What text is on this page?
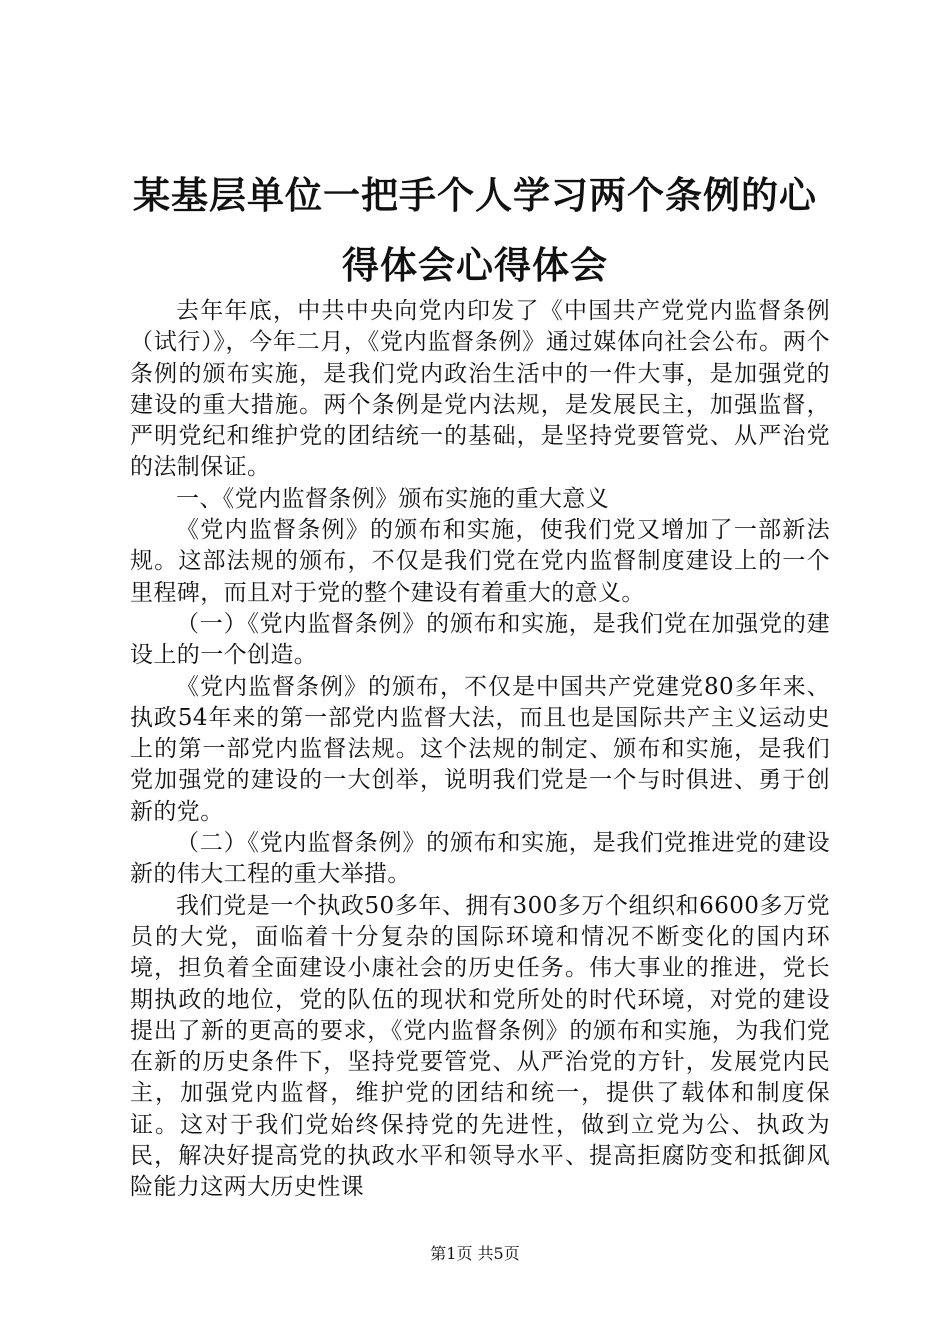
某基层单位一把手个人学习两个条例的心得体会心得体会

去年年底，中共中央向党内印发了《中国共产党党内监督条例（试行）》，今年二月，《党内监督条例》通过媒体向社会公布。两个条例的颁布实施，是我们党内政治生活中的一件大事，是加强党的建设的重大措施。两个条例是党内法规，是发展民主，加强监督，严明党纪和维护党的团结统一的基础，是坚持党要管党、从严治党的法制保证。

一、《党内监督条例》颁布实施的重大意义

《党内监督条例》的颁布和实施，使我们党又增加了一部新法规。这部法规的颁布，不仅是我们党在党内监督制度建设上的一个里程碑，而且对于党的整个建设有着重大的意义。

（一）《党内监督条例》的颁布和实施，是我们党在加强党的建设上的一个创造。

《党内监督条例》的颁布，不仅是中国共产党建党80多年来、执政54年来的第一部党内监督大法，而且也是国际共产主义运动史上的第一部党内监督法规。这个法规的制定、颁布和实施，是我们党加强党的建设的一大创举，说明我们党是一个与时俱进、勇于创新的党。

（二）《党内监督条例》的颁布和实施，是我们党推进党的建设新的伟大工程的重大举措。

我们党是一个执政50多年、拥有300多万个组织和6600多万党员的大党，面临着十分复杂的国际环境和情况不断变化的国内环境，担负着全面建设小康社会的历史任务。伟大事业的推进，党长期执政的地位，党的队伍的现状和党所处的时代环境，对党的建设提出了新的更高的要求，《党内监督条例》的颁布和实施，为我们党在新的历史条件下，坚持党要管党、从严治党的方针，发展党内民主，加强党内监督，维护党的团结和统一，提供了载体和制度保证。这对于我们党始终保持党的先进性，做到立党为公、执政为民，解决好提高党的执政水平和领导水平、提高拒腐防变和抵御风险能力这两大历史性课

第1页 共5页
